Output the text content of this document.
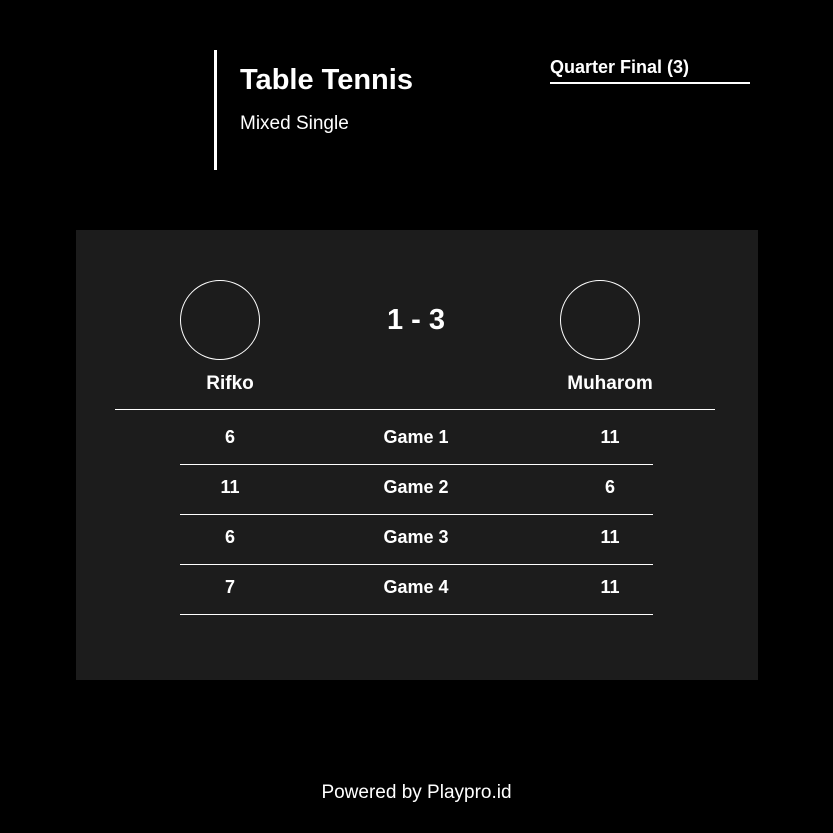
Table Tennis
Mixed Single
Quarter Final (3)
1 - 3
Rifko	Muharom
6	Game 1	11
11	Game 2	6
6	Game 3	11
7	Game 4	11
Powered by Playpro.id
